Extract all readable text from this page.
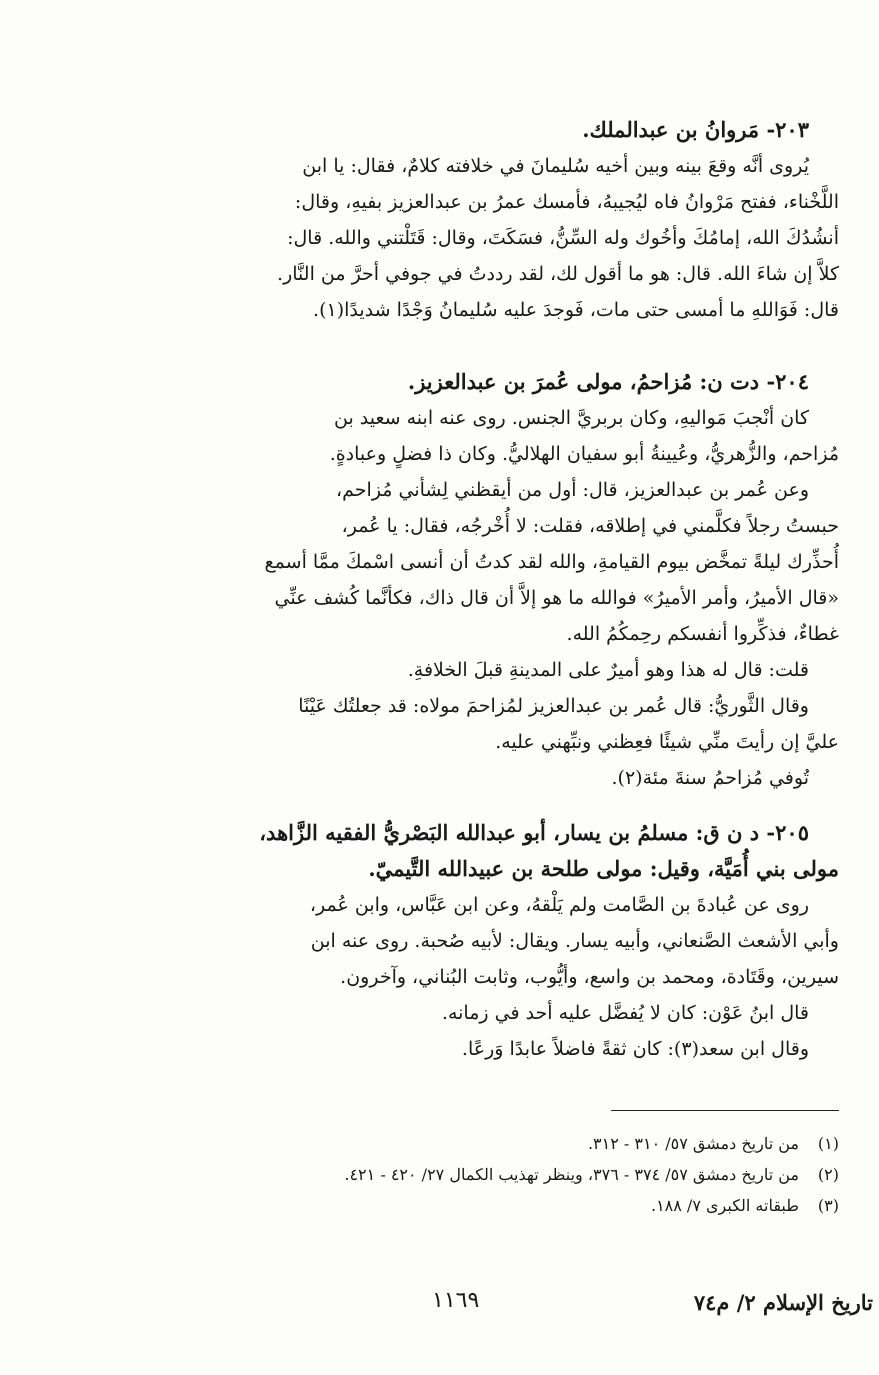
٢٠٣- مَروانُ بن عبدالملك.

يُروى أنَّه وقعَ بينه وبين أخيه سُليمانَ في خلافته كلامٌ، فقال: يا ابن

اللَّخْناء، ففتح مَرْوانُ فاه ليُجيبهُ، فأمسك عمرُ بن عبدالعزيز بفيهِ، وقال:

أنشُدُكَ الله، إمامُكَ وأخُوك وله السِّنُّ، فسَكَتَ، وقال: قَتَلْتني والله. قال:

كلاَّ إن شاءَ الله. قال: هو ما أقول لك، لقد رددتُ في جوفي أحرَّ من النَّار.

قال: فَوَاللهِ ما أمسى حتى مات، فَوجدَ عليه سُليمانُ وَجْدًا شديدًا(١).

٢٠٤- دت ن: مُزاحمُ، مولى عُمرَ بن عبدالعزيز.

كان أنْجبَ مَواليهِ، وكان بربريَّ الجنس. روى عنه ابنه سعيد بن

مُزاحم، والزُّهريُّ، وعُيينةُ أبو سفيان الهلاليُّ. وكان ذا فضلٍ وعبادةٍ.

وعن عُمر بن عبدالعزيز، قال: أول من أيقظني لِشأني مُزاحم،

حبستُ رجلاً فكلَّمني في إطلاقه، فقلت: لا أُخْرجُه، فقال: يا عُمر،

أُحذِّرك ليلةً تمخَّض بيوم القيامةِ، والله لقد كدتُ أن أنسى اسْمكَ ممَّا أسمع

«قال الأميرُ، وأمر الأميرُ» فوالله ما هو إلاَّ أن قال ذاك، فكأنَّما كُشف عنِّي

غطاءٌ، فذكِّروا أنفسكم رحِمكُمُ الله.

قلت: قال له هذا وهو أميرٌ على المدينةِ قبلَ الخلافةِ.

وقال الثَّوريُّ: قال عُمر بن عبدالعزيز لمُزاحمَ مولاه: قد جعلتُك عَيْنًا

عليَّ إن رأيتَ منِّي شيئًا فعِظني ونبِّهني عليه.

تُوفي مُزاحمُ سنةَ مئة(٢).

٢٠٥- د ن ق: مسلمُ بن يسار، أبو عبدالله البَصْريُّ الفقيه الزَّاهد،

مولى بني أُمَيَّة، وقيل: مولى طلحة بن عبيدالله التَّيميّ.

روى عن عُبادةَ بن الصَّامت ولم يَلْقهُ، وعن ابن عَبَّاس، وابن عُمر،

وأبي الأشعث الصَّنعاني، وأبيه يسار. ويقال: لأبيه صُحبة. روى عنه ابن

سيرين، وقَتَادة، ومحمد بن واسع، وأيُّوب، وثابت البُناني، وآخرون.

قال ابنُ عَوْن: كان لا يُفضَّل عليه أحد في زمانه.

وقال ابن سعد(٣): كان ثقةً فاضلاً عابدًا وَرعًا.

(١)من تاريخ دمشق ٥٧/ ٣١٠ - ٣١٢.

(٢)من تاريخ دمشق ٥٧/ ٣٧٤ - ٣٧٦، وينظر تهذيب الكمال ٢٧/ ٤٢٠ - ٤٢١.

(٣)طبقاته الكبرى ٧/ ١٨٨.

تاريخ الإسلام ٢/ م٧٤
١١٦٩
